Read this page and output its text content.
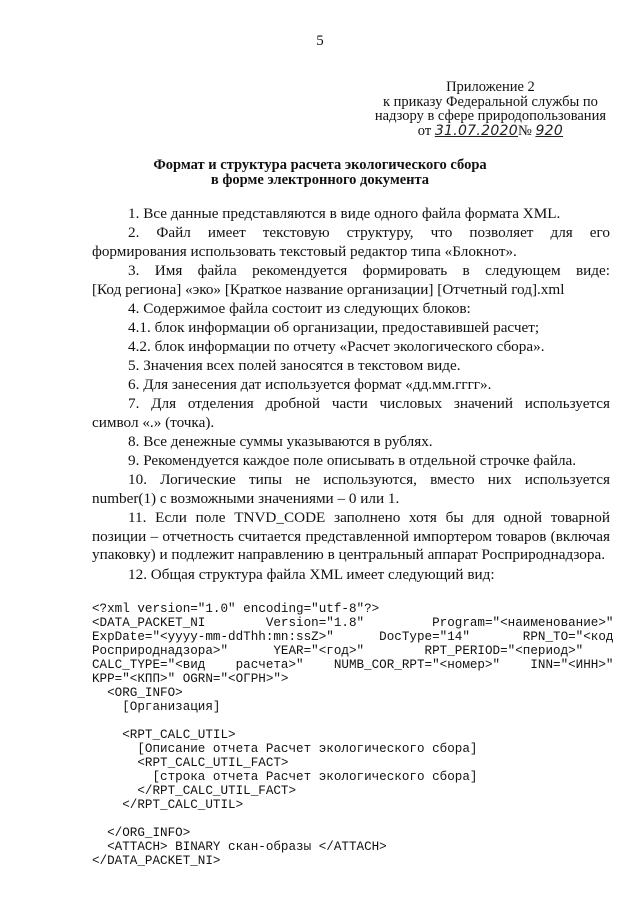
5
Приложение 2
к приказу Федеральной службы по
надзору в сфере природопользования
от 31.07.2020№ 920
Формат и структура расчета экологического сбора
в форме электронного документа
1. Все данные представляются в виде одного файла формата XML.
2. Файл имеет текстовую структуру, что позволяет для его
формирования использовать текстовый редактор типа «Блокнот».
3. Имя файла рекомендуется формировать в следующем виде:
[Код региона] «эко» [Краткое название организации] [Отчетный год].xml
4. Содержимое файла состоит из следующих блоков:
4.1. блок информации об организации, предоставившей расчет;
4.2. блок информации по отчету «Расчет экологического сбора».
5. Значения всех полей заносятся в текстовом виде.
6. Для занесения дат используется формат «дд.мм.гггг».
7. Для отделения дробной части числовых значений используется
символ «.» (точка).
8. Все денежные суммы указываются в рублях.
9. Рекомендуется каждое поле описывать в отдельной строчке файла.
10. Логические типы не используются, вместо них используется
number(1) с возможными значениями – 0 или 1.
11. Если поле TNVD_CODE заполнено хотя бы для одной товарной
позиции – отчетность считается представленной импортером товаров (включая
упаковку) и подлежит направлению в центральный аппарат Росприроднадзора.
12. Общая структура файла XML имеет следующий вид:
<?xml version="1.0" encoding="utf-8"?>
<DATA_PACKET_NI        Version="1.8"         Program="<наименование>"
ExpDate="<yyyy-mm-ddThh:mn:ssZ>"      DocType="14"       RPN_TO="<код
Росприроднадзора>"      YEAR="<год>"        RPT_PERIOD="<период>"
CALC_TYPE="<вид    расчета>"    NUMB_COR_RPT="<номер>"    INN="<ИНН>"
KPP="<КПП>" OGRN="<ОГРН>">
<ORG_INFO>
[Организация]

<RPT_CALC_UTIL>
[Описание отчета Расчет экологического сбора]
<RPT_CALC_UTIL_FACT>
[строка отчета Расчет экологического сбора]
</RPT_CALC_UTIL_FACT>
</RPT_CALC_UTIL>

</ORG_INFO>
<ATTACH> BINARY скан-образы </ATTACH>
</DATA_PACKET_NI>
